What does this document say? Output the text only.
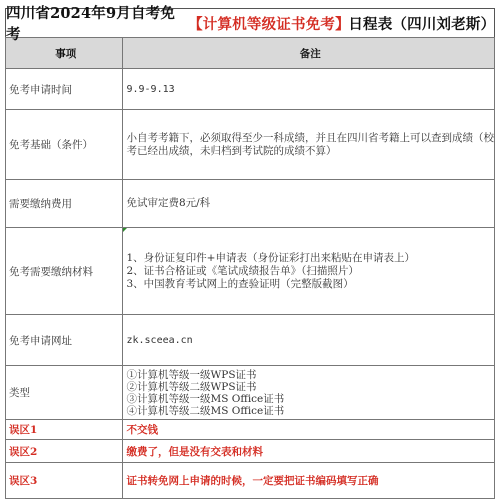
四川省2024年9月自考免考
【计算机等级证书免考】
日程表（四川刘老斯）
事项	备注
免考申请时间	9.9-9.13

免考基础（条件）	小自考考籍下，必须取得至少一科成绩，并且在四川省考籍上可以查到成绩（校考已经出成绩，未归档到考试院的成绩不算）
需要缴纳费用	免试审定费8元/科

免考需要缴纳材料	1、身份证复印件+申请表（身份证彩打出来粘贴在申请表上）
2、证书合格证或《笔试成绩报告单》（扫描照片）
3、中国教育考试网上的查验证明（完整版截图）

免考申请网址	zk.sceea.cn

类型	①计算机等级一级WPS证书
②计算机等级二级WPS证书
③计算机等级一级MS Office证书
④计算机等级二级MS Office证书

误区1	不交钱
误区2	缴费了，但是没有交表和材料
误区3	证书转免网上申请的时候，一定要把证书编码填写正确
